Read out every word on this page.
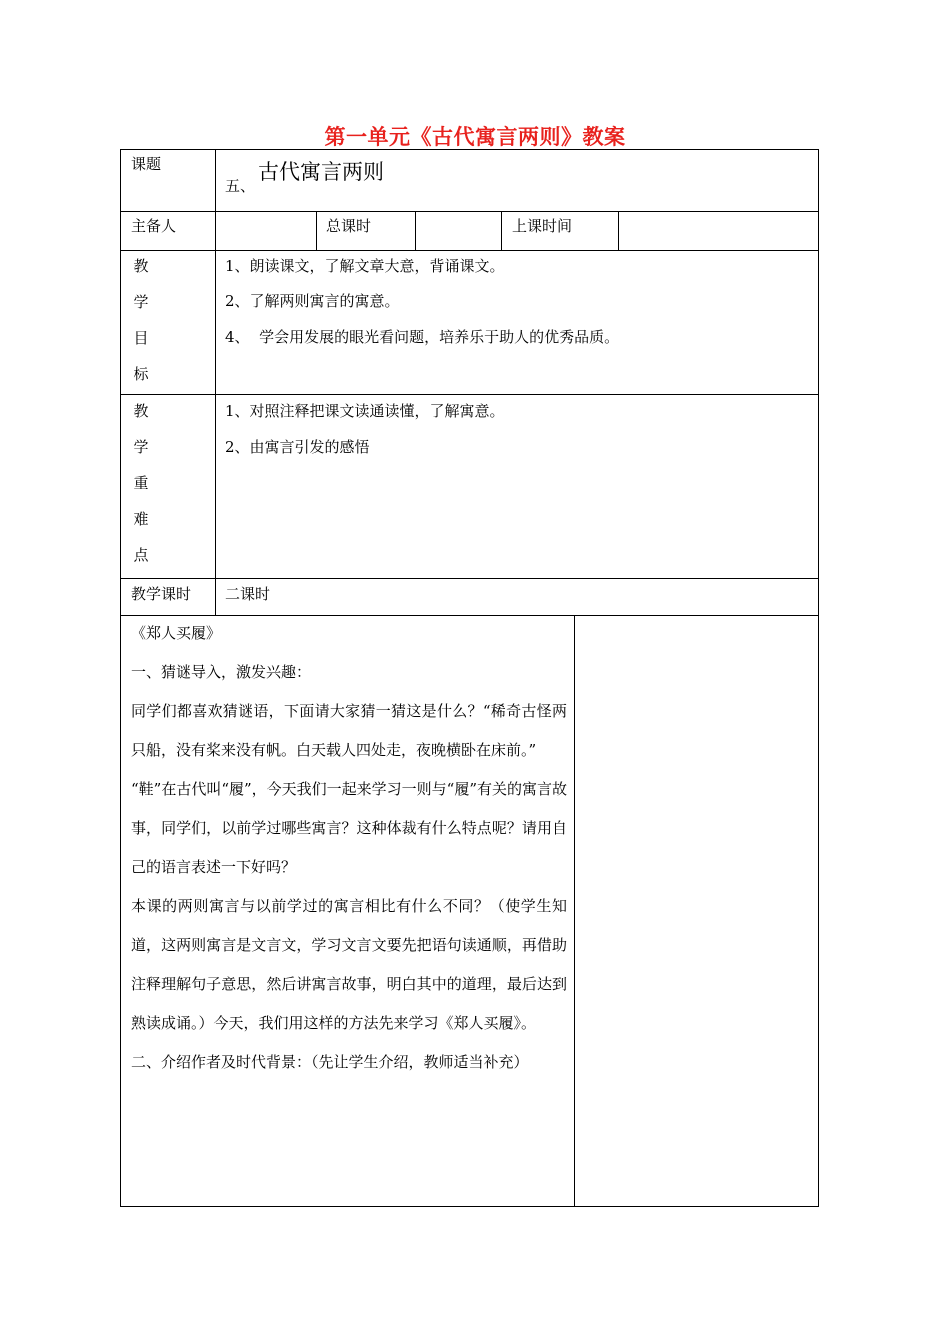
第一单元《古代寓言两则》教案
课题
五、
古代寓言两则
主备人	总课时	上课时间
教
学
目
标
1、朗读课文，了解文章大意，背诵课文。
2、了解两则寓言的寓意。
4、  学会用发展的眼光看问题，培养乐于助人的优秀品质。
教
学
重
难
点
1、对照注释把课文读通读懂，了解寓意。
2、由寓言引发的感悟
教学课时 二课时

《郑人买履》

一、猜谜导入，激发兴趣：

同学们都喜欢猜谜语，下面请大家猜一猜这是什么？“稀奇古怪两只船，没有桨来没有帆。白天载人四处走，夜晚横卧在床前。”

“鞋”在古代叫“履”，今天我们一起来学习一则与“履”有关的寓言故事，同学们，以前学过哪些寓言？这种体裁有什么特点呢？请用自己的语言表述一下好吗？

本课的两则寓言与以前学过的寓言相比有什么不同？（使学生知道，这两则寓言是文言文，学习文言文要先把语句读通顺，再借助注释理解句子意思，然后讲寓言故事，明白其中的道理，最后达到熟读成诵。）今天，我们用这样的方法先来学习《郑人买履》。

二、介绍作者及时代背景：（先让学生介绍，教师适当补充）
